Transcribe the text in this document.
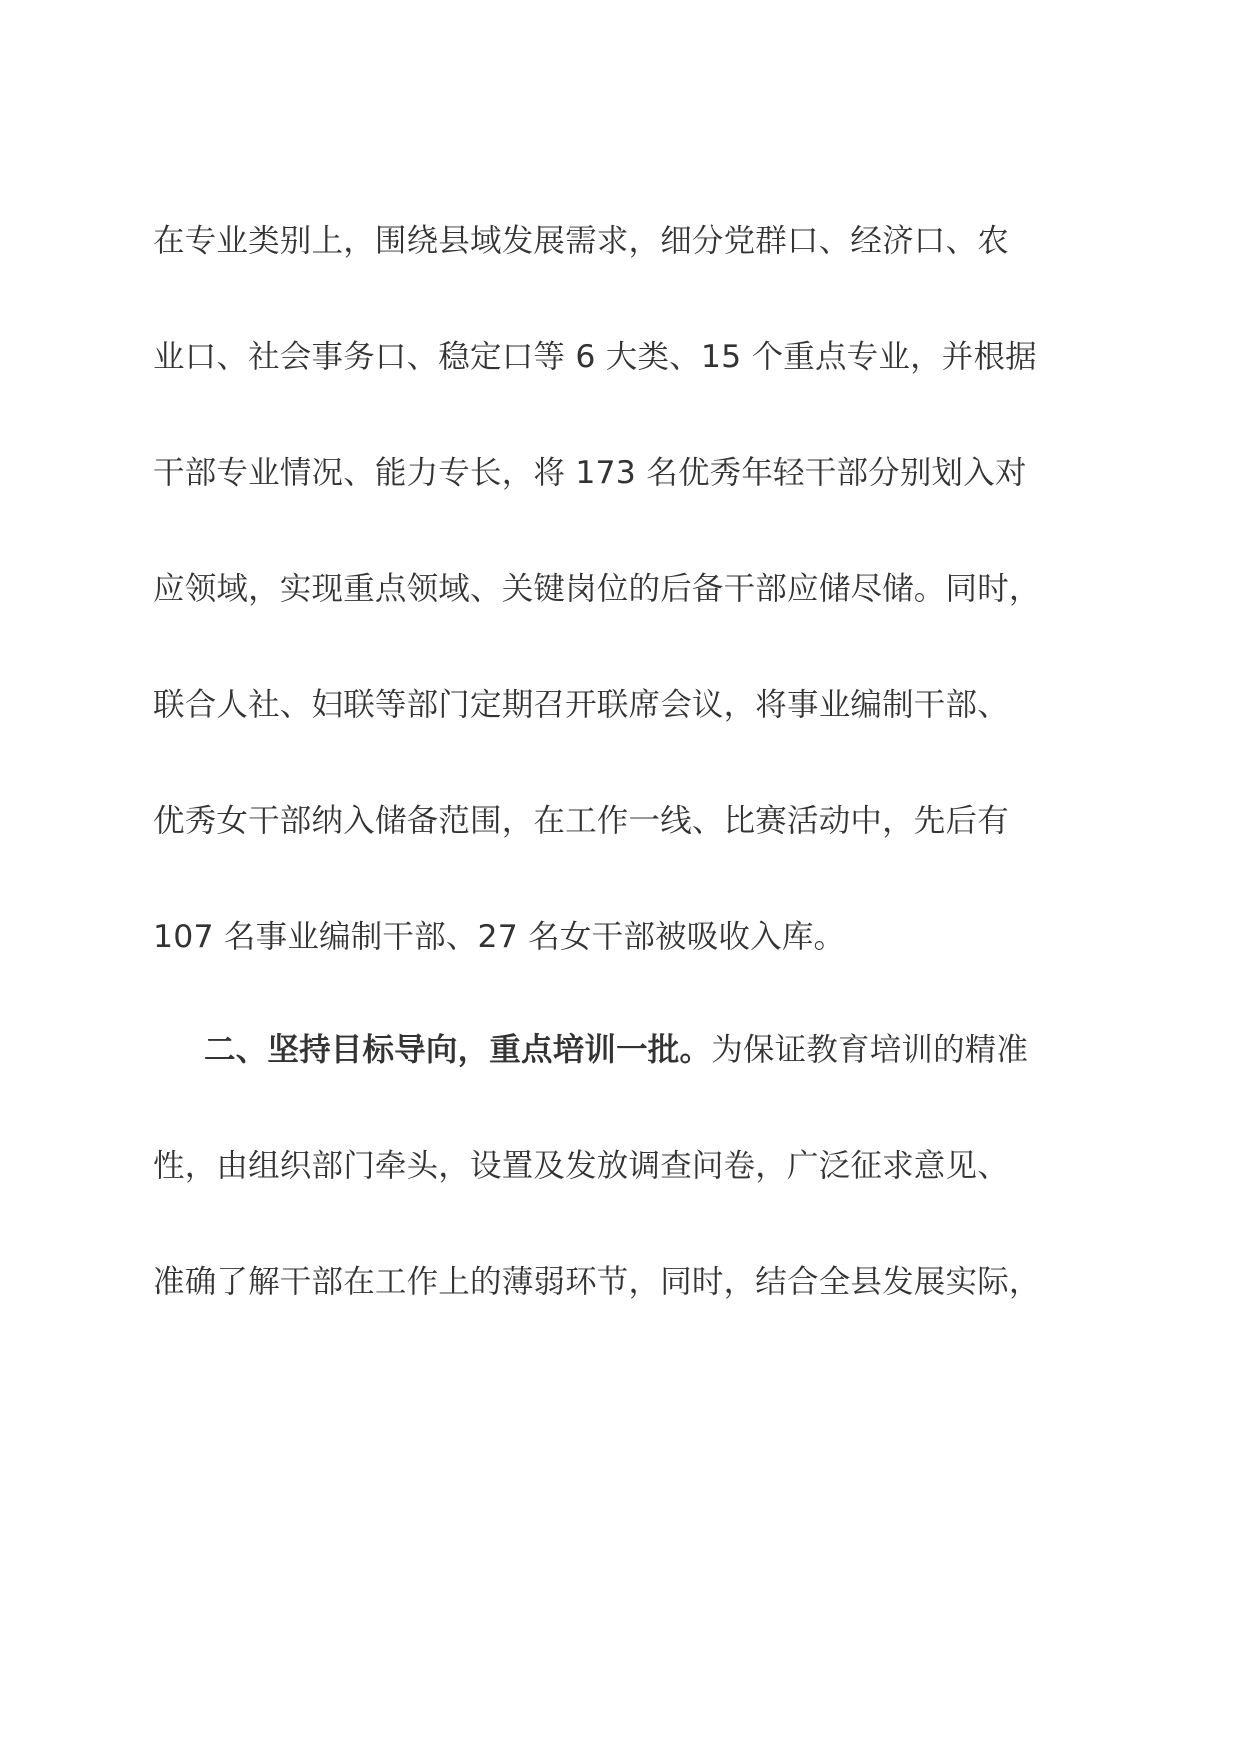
在专业类别上，围绕县域发展需求，细分党群口、经济口、农
业口、社会事务口、稳定口等 6 大类、15 个重点专业，并根据
干部专业情况、能力专长，将 173 名优秀年轻干部分别划入对
应领域，实现重点领域、关键岗位的后备干部应储尽储。同时，
联合人社、妇联等部门定期召开联席会议，将事业编制干部、
优秀女干部纳入储备范围，在工作一线、比赛活动中，先后有
107 名事业编制干部、27 名女干部被吸收入库。
二、坚持目标导向，重点培训一批。为保证教育培训的精准
性，由组织部门牵头，设置及发放调查问卷，广泛征求意见、
准确了解干部在工作上的薄弱环节，同时，结合全县发展实际，
